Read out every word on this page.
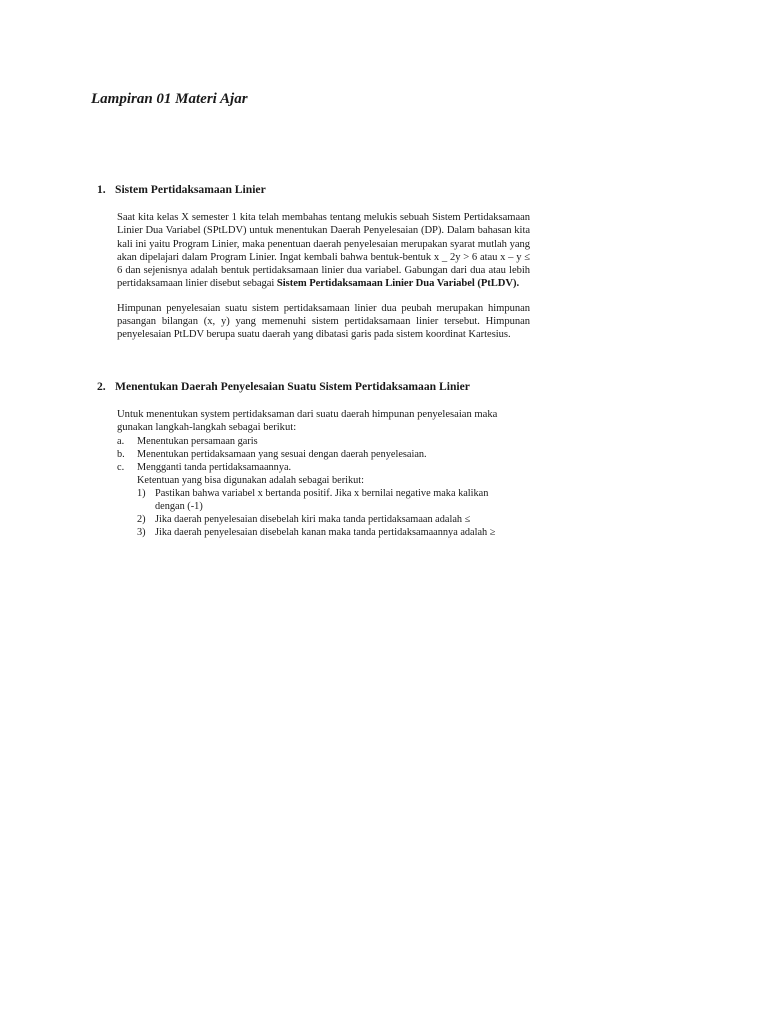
Lampiran 01 Materi Ajar
1. Sistem Pertidaksamaan Linier

Saat kita kelas X semester 1 kita telah membahas tentang melukis sebuah Sistem Pertidaksamaan Linier Dua Variabel (SPtLDV) untuk menentukan Daerah Penyelesaian (DP). Dalam bahasan kita kali ini yaitu Program Linier, maka penentuan daerah penyelesaian merupakan syarat mutlah yang akan dipelajari dalam Program Linier. Ingat kembali bahwa bentuk-bentuk x _ 2y > 6 atau x – y ≤ 6 dan sejenisnya adalah bentuk pertidaksamaan linier dua variabel. Gabungan dari dua atau lebih pertidaksamaan linier disebut sebagai Sistem Pertidaksamaan Linier Dua Variabel (PtLDV).

Himpunan penyelesaian suatu sistem pertidaksamaan linier dua peubah merupakan himpunan pasangan bilangan (x, y) yang memenuhi sistem pertidaksamaan linier tersebut. Himpunan penyelesaian PtLDV berupa suatu daerah yang dibatasi garis pada sistem koordinat Kartesius.

2. Menentukan Daerah Penyelesaian Suatu Sistem Pertidaksamaan Linier
Untuk menentukan system pertidaksaman dari suatu daerah himpunan penyelesaian maka gunakan langkah-langkah sebagai berikut:
a.	Menentukan persamaan garis
b.	Menentukan pertidaksamaan yang sesuai dengan daerah penyelesaian.
c.	Mengganti tanda pertidaksamaannya.
Ketentuan yang bisa digunakan adalah sebagai berikut:
1) Pastikan bahwa variabel x bertanda positif. Jika x bernilai negative maka kalikan dengan (-1)
2) Jika daerah penyelesaian disebelah kiri maka tanda pertidaksamaan adalah ≤
3) Jika daerah penyelesaian disebelah kanan maka tanda pertidaksamaannya adalah ≥
